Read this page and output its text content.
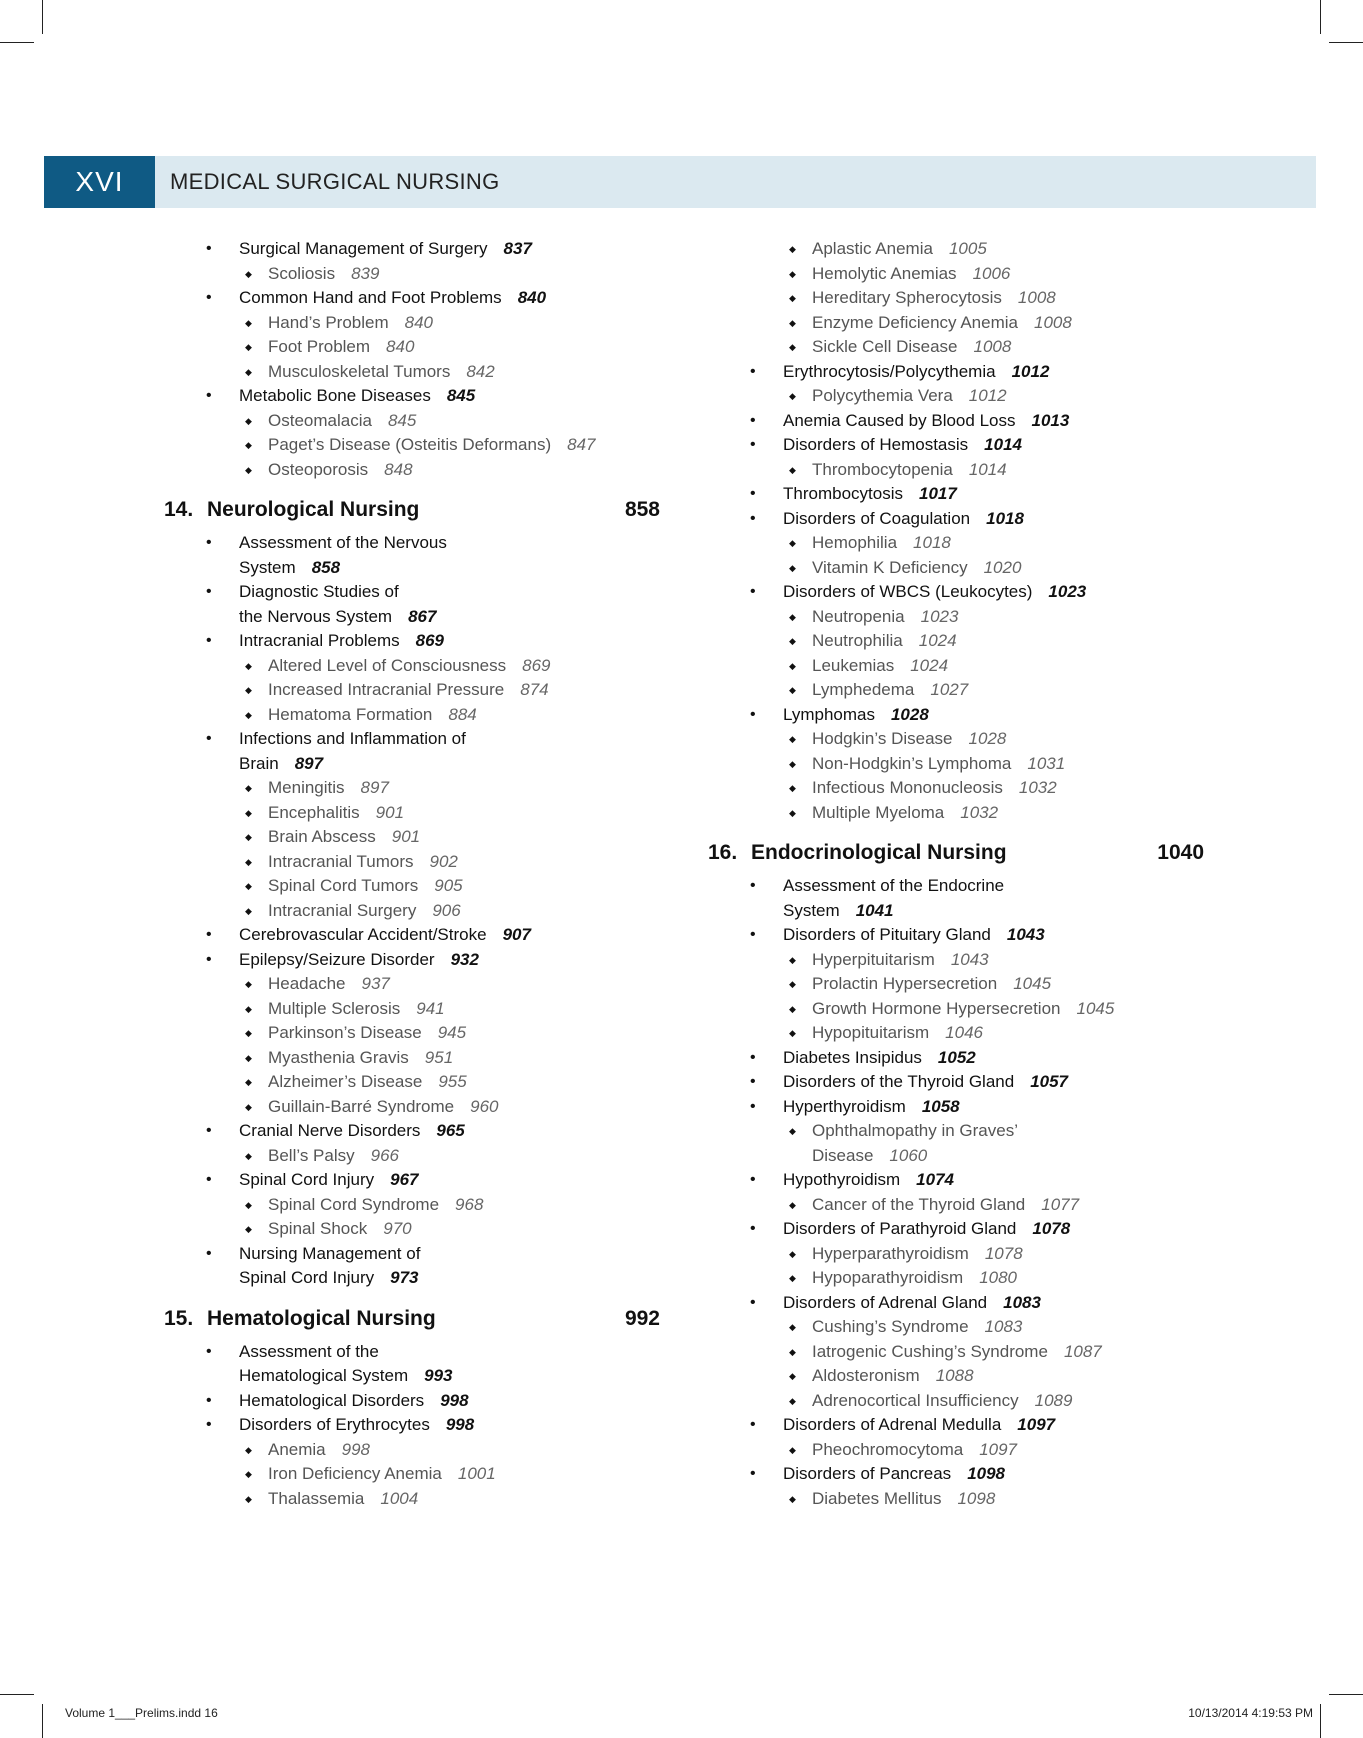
XVI	MEDICAL SURGICAL NURSING
• Surgical Management of Surgery 837
◆ Scoliosis 839
• Common Hand and Foot Problems 840
◆ Hand’s Problem 840
◆ Foot Problem 840
◆ Musculoskeletal Tumors 842
• Metabolic Bone Diseases 845
◆ Osteomalacia 845
◆ Paget’s Disease (Osteitis Deformans) 847
◆ Osteoporosis 848
14. Neurological Nursing	858
• Assessment of the Nervous
System 858
• Diagnostic Studies of
the Nervous System 867
• Intracranial Problems 869
◆ Altered Level of Consciousness 869
◆ Increased Intracranial Pressure 874
◆ Hematoma Formation 884
• Infections and Inflammation of
Brain 897
◆ Meningitis 897
◆ Encephalitis 901
◆ Brain Abscess 901
◆ Intracranial Tumors 902
◆ Spinal Cord Tumors 905
◆ Intracranial Surgery 906
• Cerebrovascular Accident/Stroke 907
• Epilepsy/Seizure Disorder 932
◆ Headache 937
◆ Multiple Sclerosis 941
◆ Parkinson’s Disease 945
◆ Myasthenia Gravis 951
◆ Alzheimer’s Disease 955
◆ Guillain-Barré Syndrome 960
• Cranial Nerve Disorders 965
◆ Bell’s Palsy 966
• Spinal Cord Injury 967
◆ Spinal Cord Syndrome 968
◆ Spinal Shock 970
• Nursing Management of
Spinal Cord Injury 973
15. Hematological Nursing	992
• Assessment of the
Hematological System 993
• Hematological Disorders 998
• Disorders of Erythrocytes 998
◆ Anemia 998
◆ Iron Deficiency Anemia 1001
◆ Thalassemia 1004
◆ Aplastic Anemia 1005
◆ Hemolytic Anemias 1006
◆ Hereditary Spherocytosis 1008
◆ Enzyme Deficiency Anemia 1008
◆ Sickle Cell Disease 1008
• Erythrocytosis/Polycythemia 1012
◆ Polycythemia Vera 1012
• Anemia Caused by Blood Loss 1013
• Disorders of Hemostasis 1014
◆ Thrombocytopenia 1014
• Thrombocytosis 1017
• Disorders of Coagulation 1018
◆ Hemophilia 1018
◆ Vitamin K Deficiency 1020
• Disorders of WBCS (Leukocytes) 1023
◆ Neutropenia 1023
◆ Neutrophilia 1024
◆ Leukemias 1024
◆ Lymphedema 1027
• Lymphomas 1028
◆ Hodgkin’s Disease 1028
◆ Non-Hodgkin’s Lymphoma 1031
◆ Infectious Mononucleosis 1032
◆ Multiple Myeloma 1032
16. Endocrinological Nursing	1040
• Assessment of the Endocrine
System 1041
• Disorders of Pituitary Gland 1043
◆ Hyperpituitarism 1043
◆ Prolactin Hypersecretion 1045
◆ Growth Hormone Hypersecretion 1045
◆ Hypopituitarism 1046
• Diabetes Insipidus 1052
• Disorders of the Thyroid Gland 1057
• Hyperthyroidism 1058
◆ Ophthalmopathy in Graves’
Disease 1060
• Hypothyroidism 1074
◆ Cancer of the Thyroid Gland 1077
• Disorders of Parathyroid Gland 1078
◆ Hyperparathyroidism 1078
◆ Hypoparathyroidism 1080
• Disorders of Adrenal Gland 1083
◆ Cushing’s Syndrome 1083
◆ Iatrogenic Cushing’s Syndrome 1087
◆ Aldosteronism 1088
◆ Adrenocortical Insufficiency 1089
• Disorders of Adrenal Medulla 1097
◆ Pheochromocytoma 1097
• Disorders of Pancreas 1098
◆ Diabetes Mellitus 1098
Volume 1___Prelims.indd 16	10/13/2014 4:19:53 PM
